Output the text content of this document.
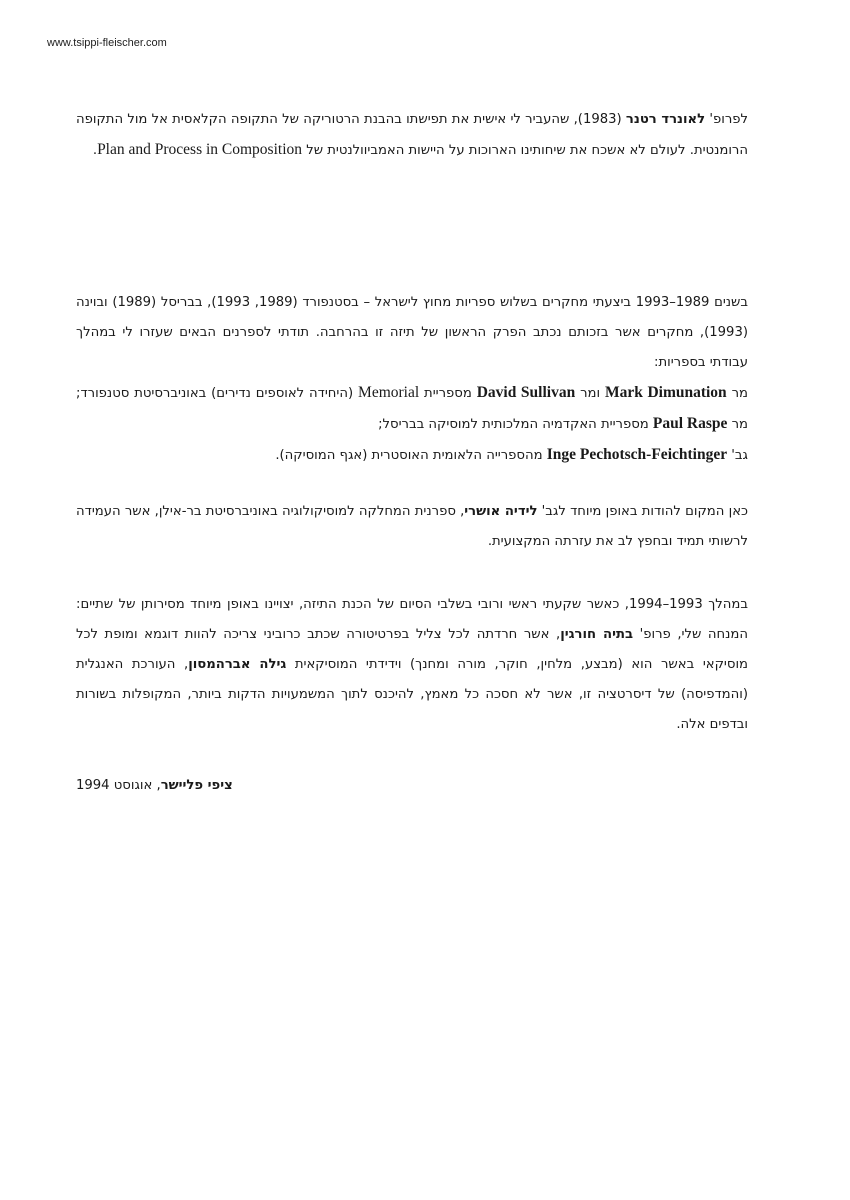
www.tsippi-fleischer.com

לפרופ' לאונרד רטנר (1983), שהעביר לי אישית את תפישתו בהבנת הרטוריקה של התקופה הקלאסית אל מול התקופה הרומנטית. לעולם לא אשכח את שיחותינו הארוכות על היישות האמביוולנטית של Plan and Process in Composition.

בשנים 1989–1993 ביצעתי מחקרים בשלוש ספריות מחוץ לישראל – בסטנפורד (1989, 1993), בבריסל (1989) ובוינה (1993), מחקרים אשר בזכותם נכתב הפרק הראשון של תיזה זו בהרחבה. תודתי לספרנים הבאים שעזרו לי במהלך עבודתי בספריות:

מר Mark Dimunation ומר David Sullivan מספריית Memorial (היחידה לאוספים נדירים) באוניברסיטת סטנפורד; מר Paul Raspe מספריית האקדמיה המלכותית למוסיקה בבריסל;

גב' Inge Pechotsch-Feichtinger מהספרייה הלאומית האוסטרית (אגף המוסיקה).

כאן המקום להודות באופן מיוחד לגב' לידיה אושרי, ספרנית המחלקה למוסיקולוגיה באוניברסיטת בר-אילן, אשר העמידה לרשותי תמיד ובחפץ לב את עזרתה המקצועית.

במהלך 1993–1994, כאשר שקעתי ראשי ורובי בשלבי הסיום של הכנת התיזה, יצויינו באופן מיוחד מסירותן של שתיים: המנחה שלי, פרופ' בתיה חורגין, אשר חרדתה לכל צליל בפרטיטורה שכתב כרוביני צריכה להוות דוגמא ומופת לכל מוסיקאי באשר הוא (מבצע, מלחין, חוקר, מורה ומחנך) וידידתי המוסיקאית גילה אברהמסון, העורכת האנגלית (והמדפיסה) של דיסרטציה זו, אשר לא חסכה כל מאמץ, להיכנס לתוך המשמעויות הדקות ביותר, המקופלות בשורות ובדפים אלה.

ציפי פליישר, אוגוסט 1994
